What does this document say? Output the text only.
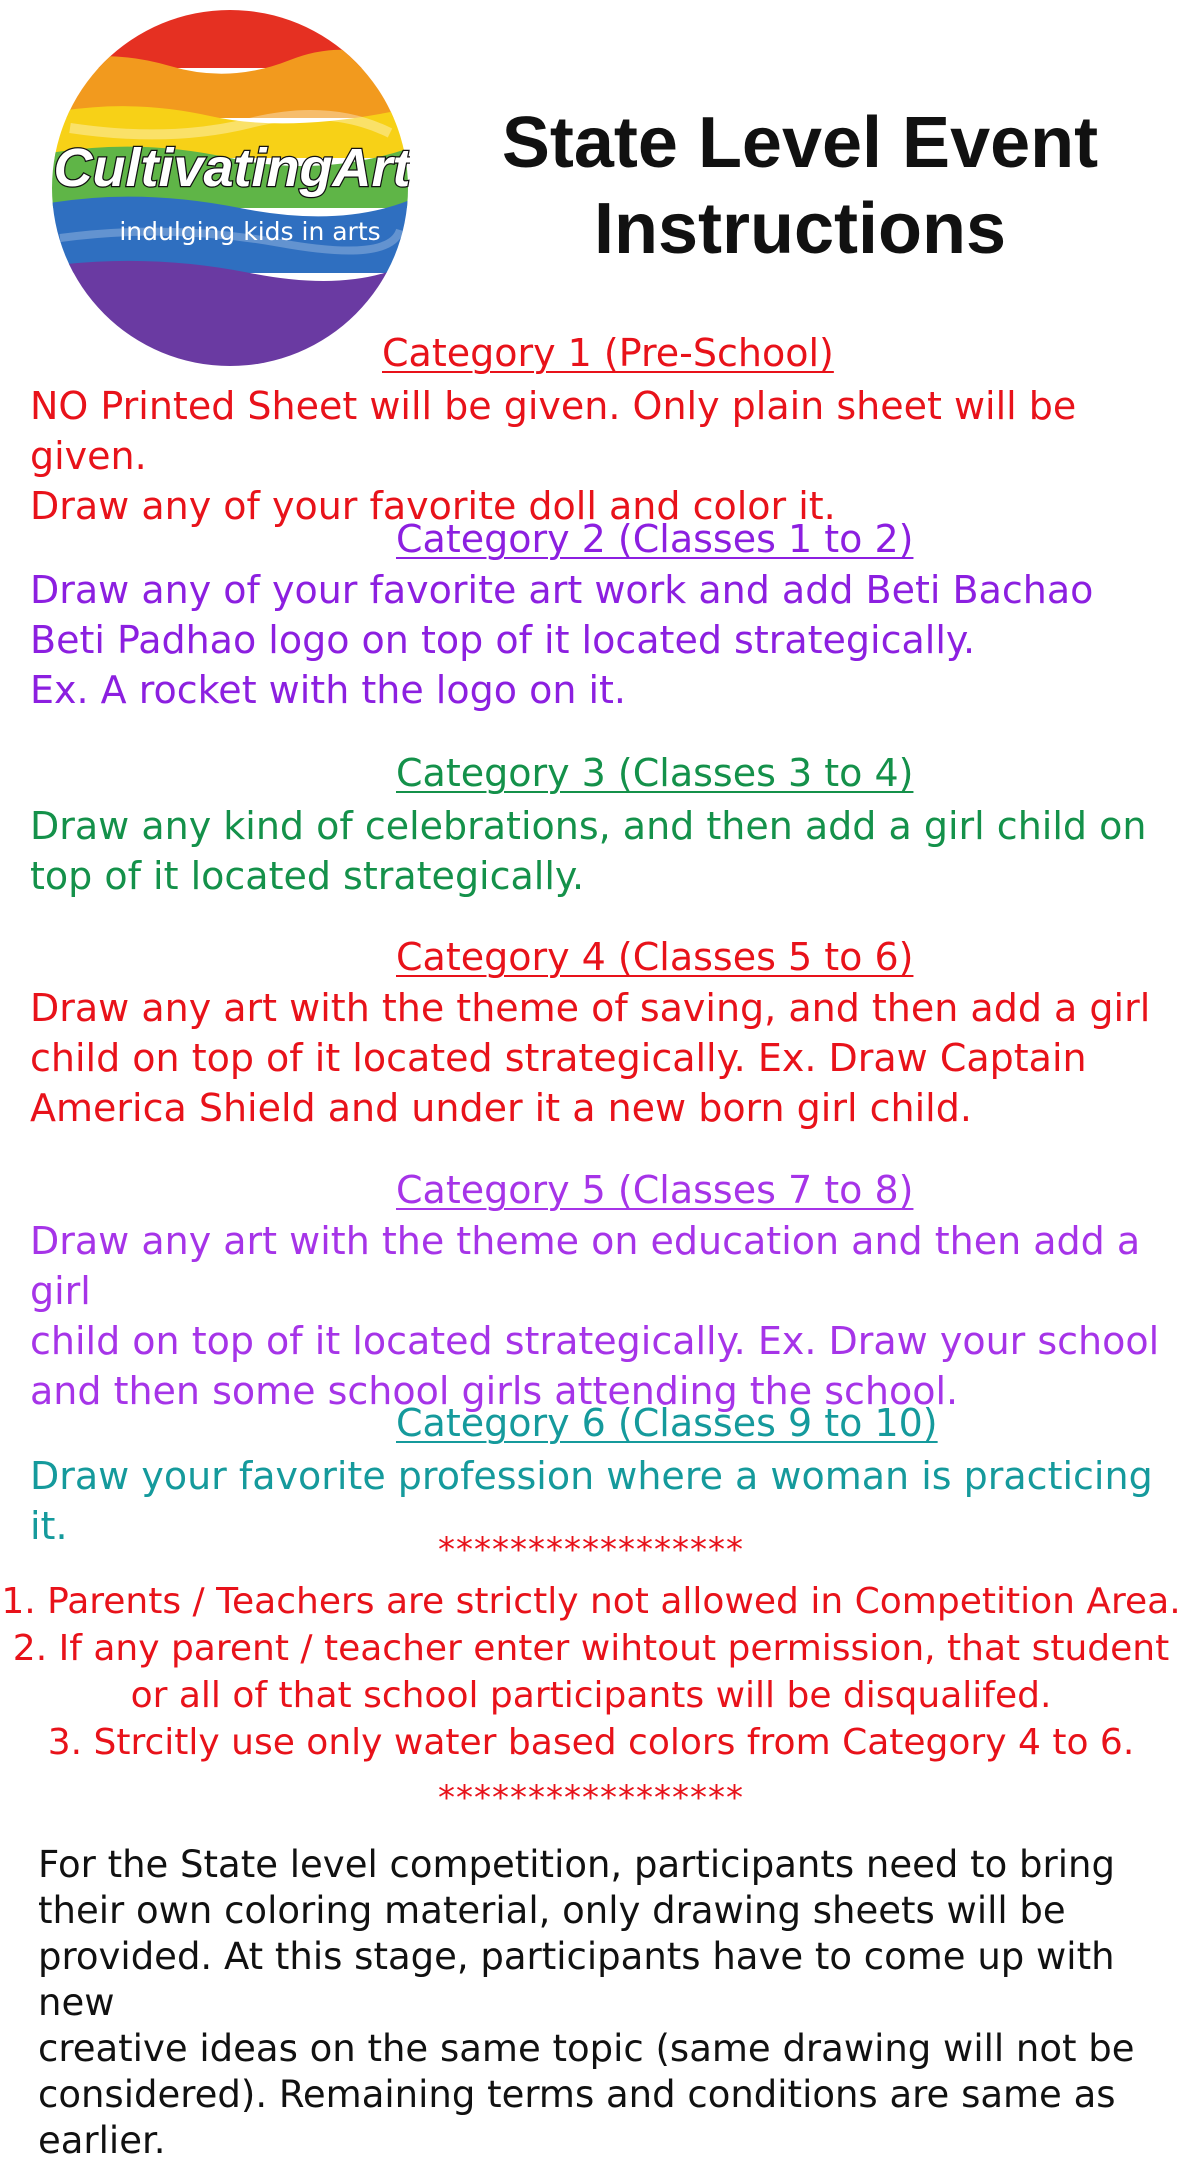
CultivatingArt
indulging kids in arts
State Level Event
Instructions
Category 1 (Pre-School)
NO Printed Sheet will be given. Only plain sheet will be given.
Draw any of your favorite doll and color it.
Category 2 (Classes 1 to 2)
Draw any of your favorite art work and add Beti Bachao
Beti Padhao logo on top of it located strategically.
Ex. A rocket with the logo on it.
Category 3 (Classes 3 to 4)
Draw any kind of celebrations, and then add a girl child on
top of it located strategically.
Category 4 (Classes 5 to 6)
Draw any art with the theme of saving, and then add a girl
child on top of it located strategically. Ex. Draw Captain
America Shield and under it a new born girl child.
Category 5 (Classes 7 to 8)
Draw any art with the theme on education and then add a girl
child on top of it located strategically. Ex. Draw your school
and then some school girls attending the school.
Category 6 (Classes 9 to 10)
Draw your favorite profession where a woman is practicing it.
*****************
1. Parents / Teachers are strictly not allowed in Competition Area.
2. If any parent / teacher enter wihtout permission, that student
or all of that school participants will be disqualifed.
3. Strcitly use only water based colors from Category 4 to 6.
*****************
For the State level competition, participants need to bring
their own coloring material, only drawing sheets will be
provided. At this stage, participants have to come up with new
creative ideas on the same topic (same drawing will not be
considered). Remaining terms and conditions are same as earlier.
